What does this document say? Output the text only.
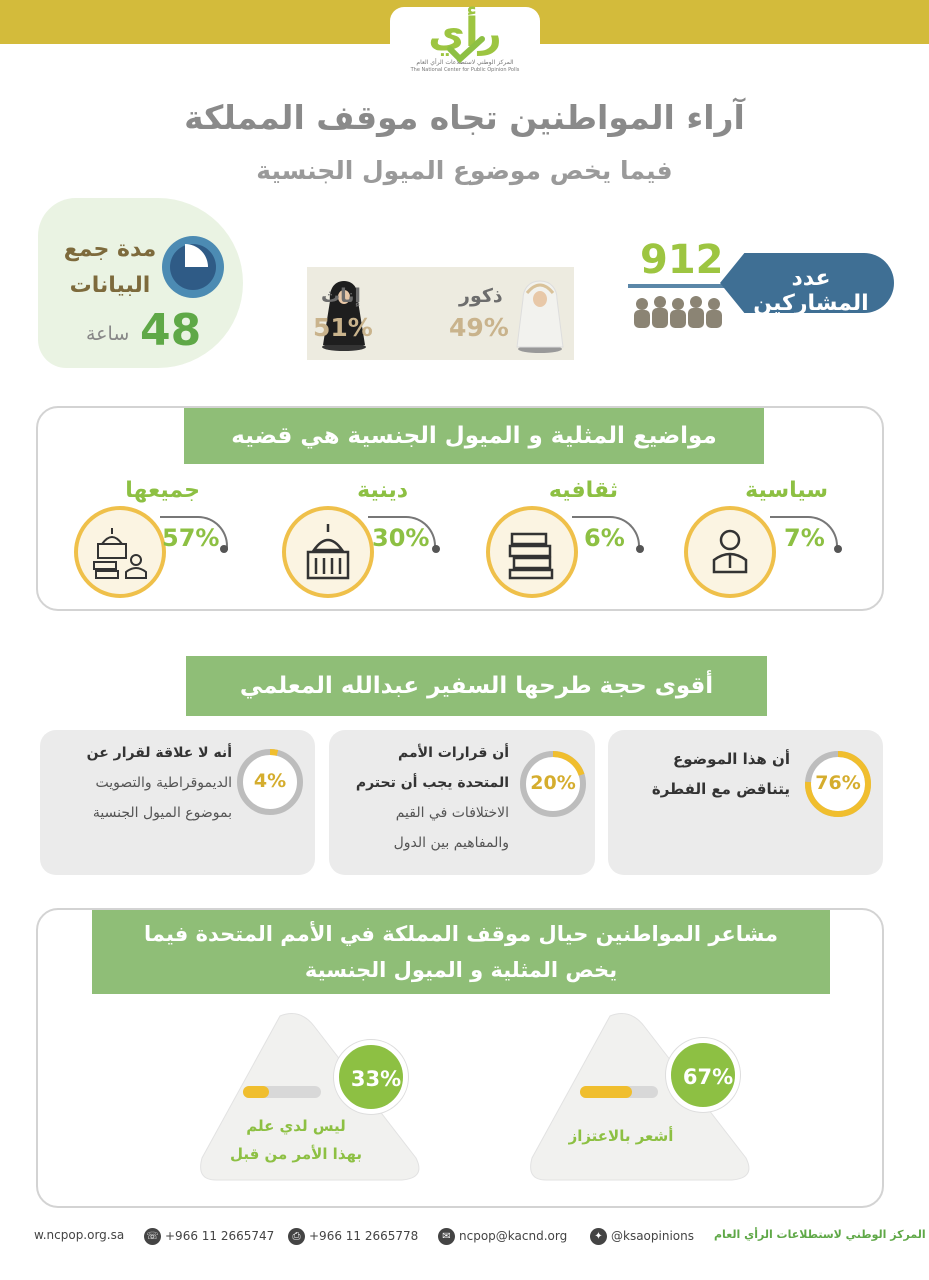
رأي
المركز الوطني لاستطلاعات الرأي العام
The National Center for Public Opinion Polls
آراء المواطنين تجاه موقف المملكة
فيما يخص موضوع الميول الجنسية
مدة جمع
البيانات
48
ساعة
إناث
51%
ذكور
49%
912	عدد المشاركين
مواضيع المثلية و الميول الجنسية هي قضيه
سياسية
7%
ثقافيه
6%
دينية
30%
جميعها
57%
أقوى حجة طرحها السفير عبدالله المعلمي
أن هذا الموضوع
يتناقض مع الفطرة	76%
أن قرارات الأمم
المتحدة يجب أن تحترم
الاختلافات في القيم
والمفاهيم بين الدول
20%
أنه لا علاقة لقرار عن
الديموقراطية والتصويت
بموضوع الميول الجنسية
4%
مشاعر المواطنين حيال موقف المملكة في الأمم المتحدة فيما
يخص المثلية و الميول الجنسية
67%
أشعر بالاعتزاز
33%
ليس لدي علم
بهذا الأمر من قبل
w.ncpop.org.sa ☏ +966 11 2665747	⎙ +966 11 2665778	✉ ncpop@kacnd.org	✦ @ksaopinions المركز الوطني لاستطلاعات الرأي العام
